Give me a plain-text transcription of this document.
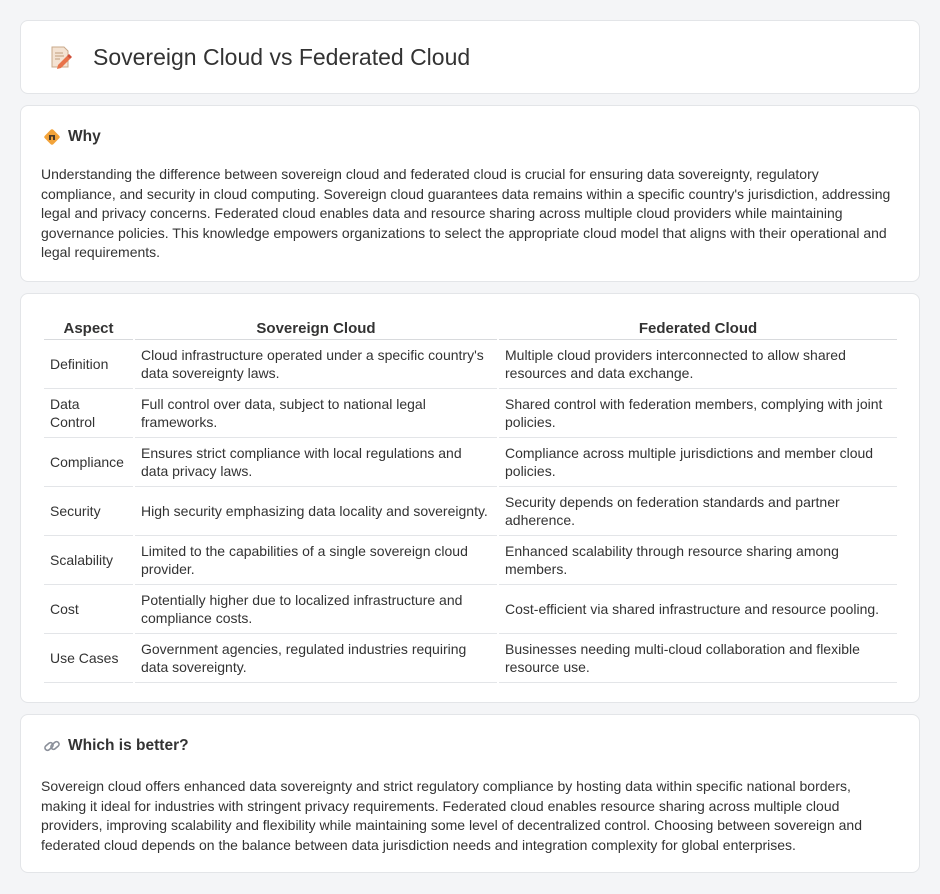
Sovereign Cloud vs Federated Cloud
Why

Understanding the difference between sovereign cloud and federated cloud is crucial for ensuring data sovereignty, regulatory compliance, and security in cloud computing. Sovereign cloud guarantees data remains within a specific country's jurisdiction, addressing legal and privacy concerns. Federated cloud enables data and resource sharing across multiple cloud providers while maintaining governance policies. This knowledge empowers organizations to select the appropriate cloud model that aligns with their operational and legal requirements.

Aspect	Sovereign Cloud	Federated Cloud
Definition	Cloud infrastructure operated under a specific country's data sovereignty laws.	Multiple cloud providers interconnected to allow shared resources and data exchange.
Data Control	Full control over data, subject to national legal frameworks.	Shared control with federation members, complying with joint policies.
Compliance	Ensures strict compliance with local regulations and data privacy laws.	Compliance across multiple jurisdictions and member cloud policies.
Security	High security emphasizing data locality and sovereignty.	Security depends on federation standards and partner adherence.
Scalability	Limited to the capabilities of a single sovereign cloud provider.	Enhanced scalability through resource sharing among members.
Cost	Potentially higher due to localized infrastructure and compliance costs.	Cost-efficient via shared infrastructure and resource pooling.
Use Cases	Government agencies, regulated industries requiring data sovereignty.	Businesses needing multi-cloud collaboration and flexible resource use.
Which is better?

Sovereign cloud offers enhanced data sovereignty and strict regulatory compliance by hosting data within specific national borders, making it ideal for industries with stringent privacy requirements. Federated cloud enables resource sharing across multiple cloud providers, improving scalability and flexibility while maintaining some level of decentralized control. Choosing between sovereign and federated cloud depends on the balance between data jurisdiction needs and integration complexity for global enterprises.
